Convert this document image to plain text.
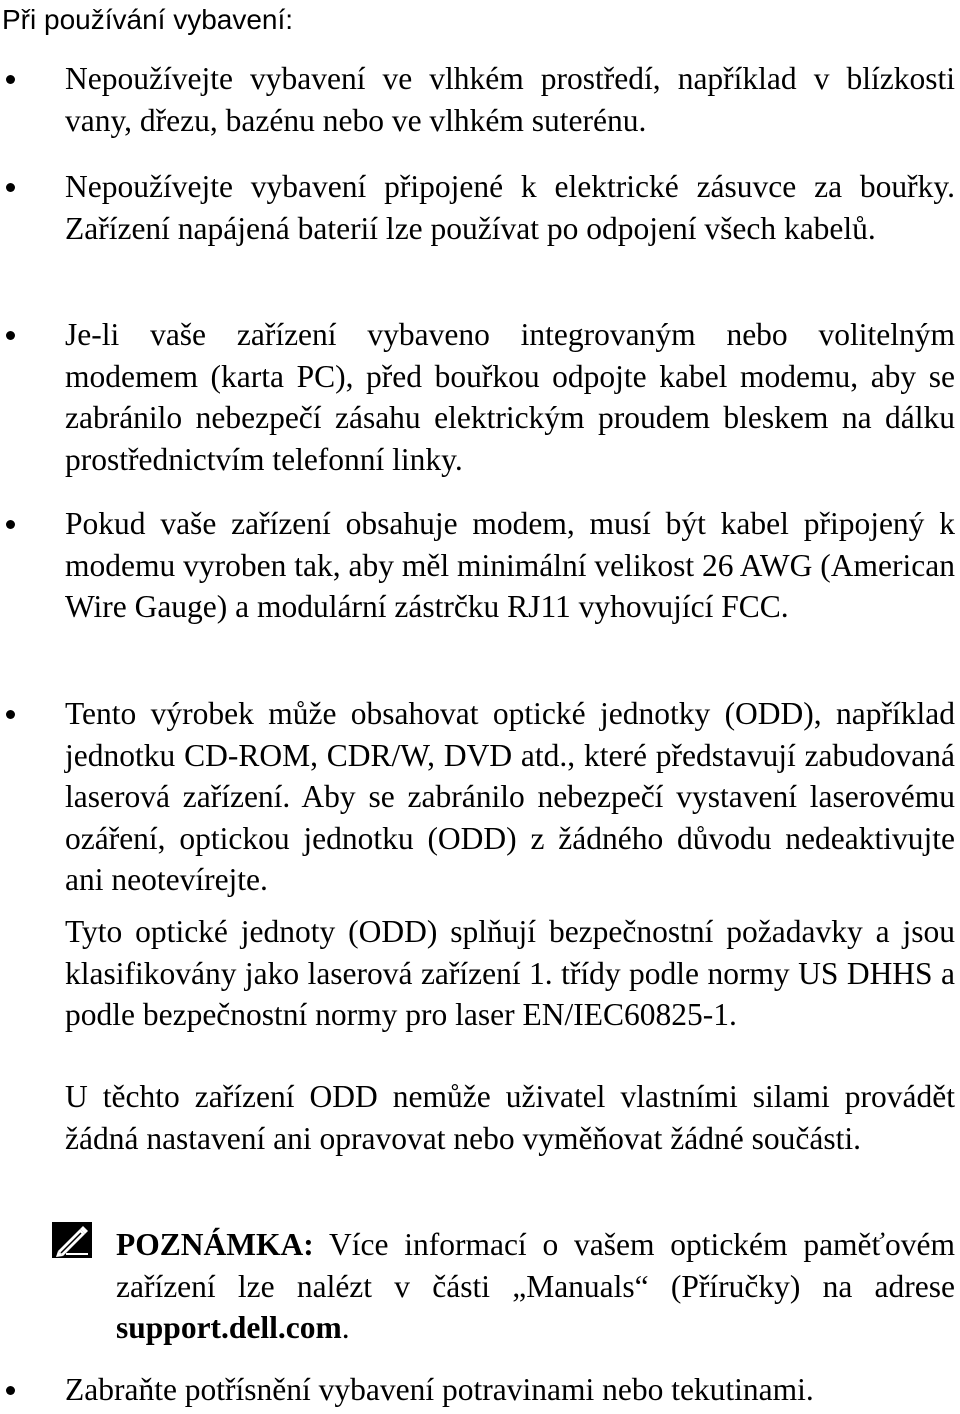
Při používání vybavení:
Nepoužívejte vybavení ve vlhkém prostředí, například v blízkosti vany, dřezu, bazénu nebo ve vlhkém suterénu.
Nepoužívejte vybavení připojené k elektrické zásuvce za bouřky. Zařízení napájená baterií lze používat po odpojení všech kabelů.
Je-li vaše zařízení vybaveno integrovaným nebo volitelným modemem (karta PC), před bouřkou odpojte kabel modemu, aby se zabránilo nebezpečí zásahu elektrickým proudem bleskem na dálku prostřednictvím telefonní linky.
Pokud vaše zařízení obsahuje modem, musí být kabel připojený k modemu vyroben tak, aby měl minimální velikost 26 AWG (American Wire Gauge) a modulární zástrčku RJ11 vyhovující FCC.
Tento výrobek může obsahovat optické jednotky (ODD), například jednotku CD-ROM, CDR/W, DVD atd., které představují zabudovaná laserová zařízení. Aby se zabránilo nebezpečí vystavení laserovému ozáření, optickou jednotku (ODD) z žádného důvodu nedeaktivujte ani neotevírejte.
Tyto optické jednoty (ODD) splňují bezpečnostní požadavky a jsou klasifikovány jako laserová zařízení 1. třídy podle normy US DHHS a podle bezpečnostní normy pro laser EN/IEC60825-1.
U těchto zařízení ODD nemůže uživatel vlastními silami provádět žádná nastavení ani opravovat nebo vyměňovat žádné součásti.
POZNÁMKA: Více informací o vašem optickém paměťovém zařízení lze nalézt v části „Manuals“ (Příručky) na adrese support.dell.com.
Zabraňte potřísnění vybavení potravinami nebo tekutinami.
